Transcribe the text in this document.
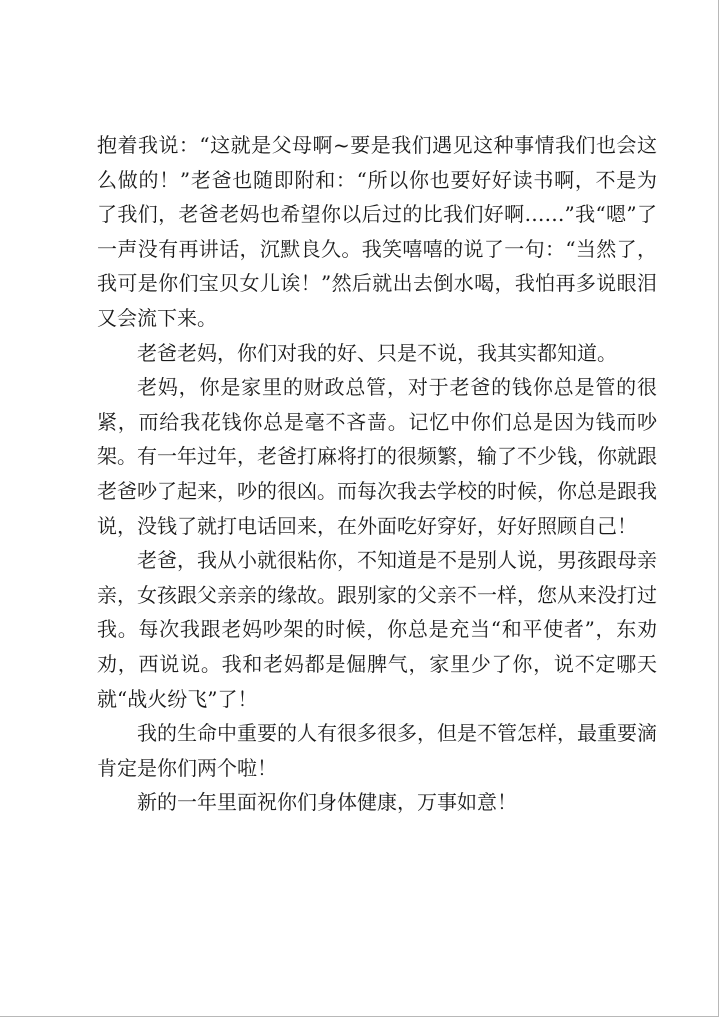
抱着我说：“这就是父母啊~要是我们遇见这种事情我们也会这么做的！”老爸也随即附和：“所以你也要好好读书啊，不是为了我们，老爸老妈也希望你以后过的比我们好啊……”我“嗯”了一声没有再讲话，沉默良久。我笑嘻嘻的说了一句：“当然了，我可是你们宝贝女儿诶！”然后就出去倒水喝，我怕再多说眼泪又会流下来。

老爸老妈，你们对我的好、只是不说，我其实都知道。

老妈，你是家里的财政总管，对于老爸的钱你总是管的很紧，而给我花钱你总是毫不吝啬。记忆中你们总是因为钱而吵架。有一年过年，老爸打麻将打的很频繁，输了不少钱，你就跟老爸吵了起来，吵的很凶。而每次我去学校的时候，你总是跟我说，没钱了就打电话回来，在外面吃好穿好，好好照顾自己！

老爸，我从小就很粘你，不知道是不是别人说，男孩跟母亲亲，女孩跟父亲亲的缘故。跟别家的父亲不一样，您从来没打过我。每次我跟老妈吵架的时候，你总是充当“和平使者”，东劝劝，西说说。我和老妈都是倔脾气，家里少了你，说不定哪天就“战火纷飞”了！

我的生命中重要的人有很多很多，但是不管怎样，最重要滴肯定是你们两个啦！

新的一年里面祝你们身体健康，万事如意！
